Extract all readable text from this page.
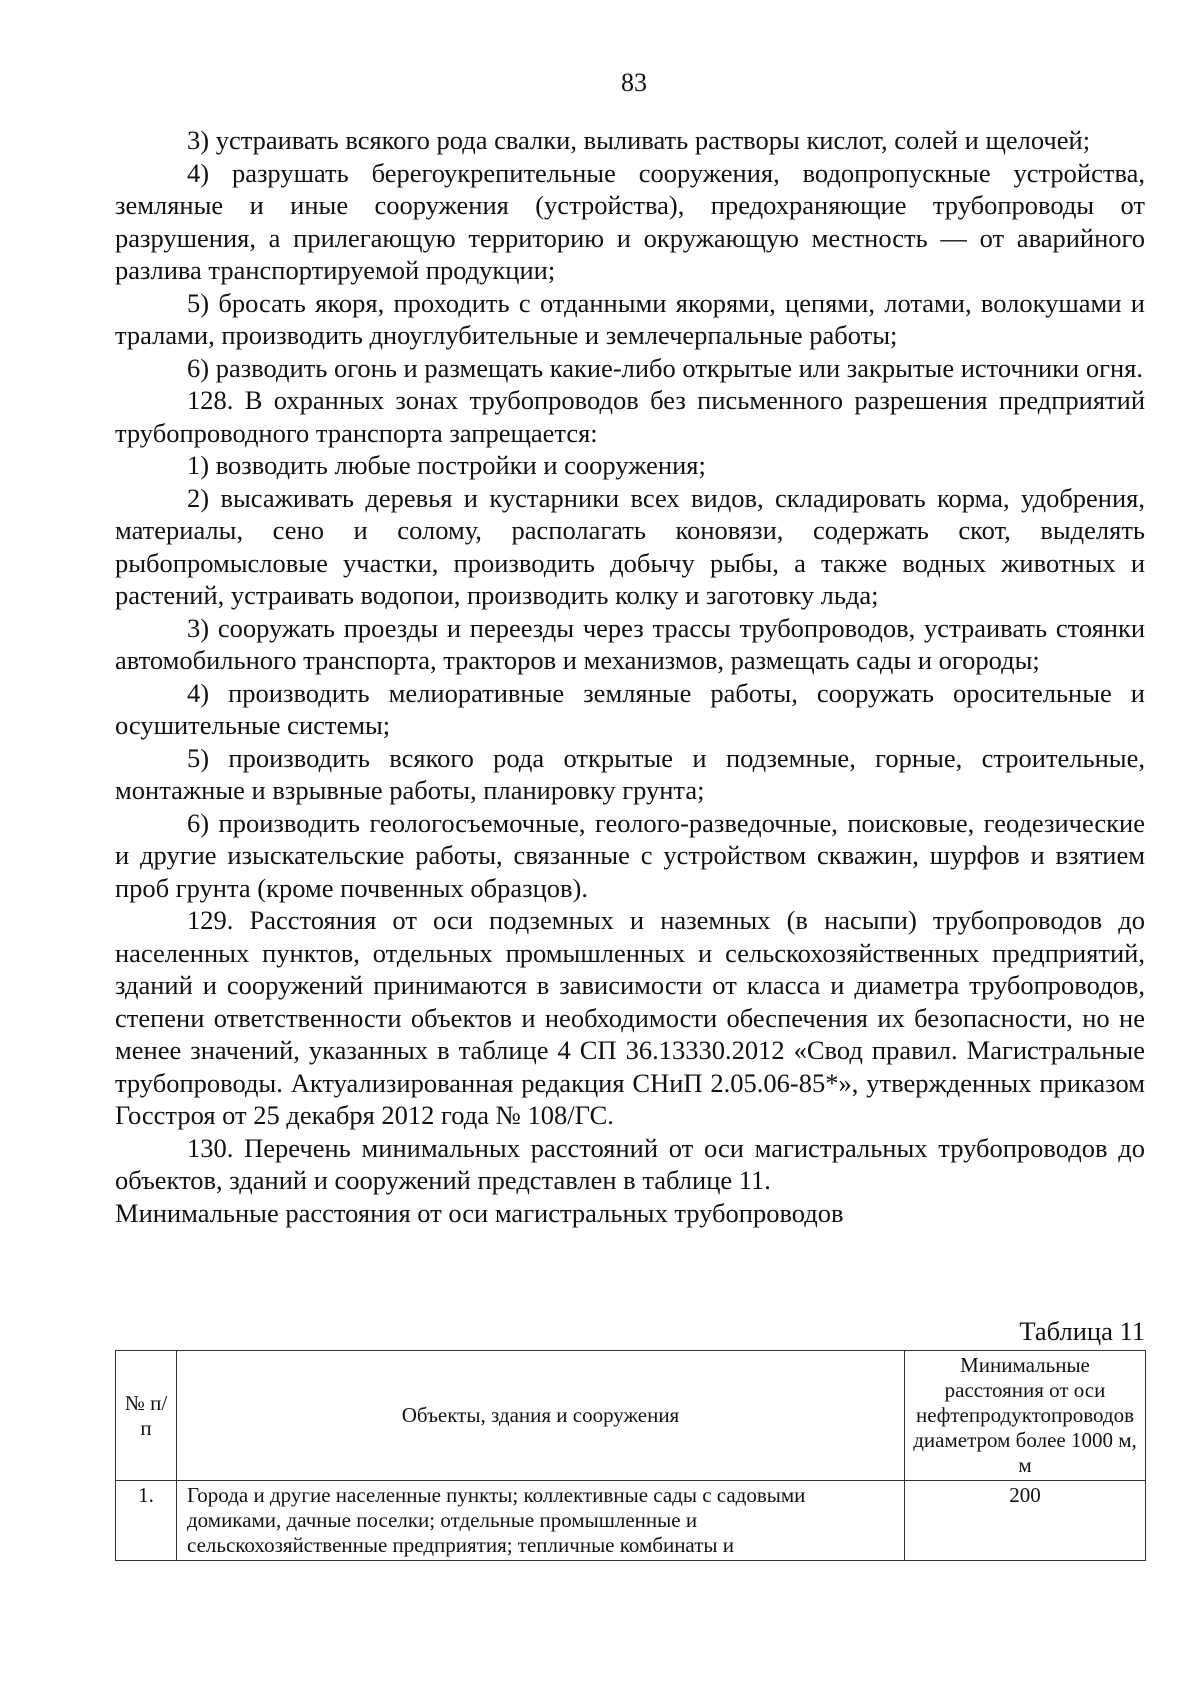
83

3) устраивать всякого рода свалки, выливать растворы кислот, солей и щелочей;

4) разрушать берегоукрепительные сооружения, водопропускные устройства, земляные и иные сооружения (устройства), предохраняющие трубопроводы от разрушения, а прилегающую территорию и окружающую местность — от аварийного разлива транспортируемой продукции;

5) бросать якоря, проходить с отданными якорями, цепями, лотами, волокушами и тралами, производить дноуглубительные и землечерпальные работы;

6) разводить огонь и размещать какие-либо открытые или закрытые источники огня.

128. В охранных зонах трубопроводов без письменного разрешения предприятий трубопроводного транспорта запрещается:

1) возводить любые постройки и сооружения;

2) высаживать деревья и кустарники всех видов, складировать корма, удобрения, материалы, сено и солому, располагать коновязи, содержать скот, выделять рыбопромысловые участки, производить добычу рыбы, а также водных животных и растений, устраивать водопои, производить колку и заготовку льда;

3) сооружать проезды и переезды через трассы трубопроводов, устраивать стоянки автомобильного транспорта, тракторов и механизмов, размещать сады и огороды;

4) производить мелиоративные земляные работы, сооружать оросительные и осушительные системы;

5) производить всякого рода открытые и подземные, горные, строительные, монтажные и взрывные работы, планировку грунта;

6) производить геологосъемочные, геолого-разведочные, поисковые, геодезические и другие изыскательские работы, связанные с устройством скважин, шурфов и взятием проб грунта (кроме почвенных образцов).

129. Расстояния от оси подземных и наземных (в насыпи) трубопроводов до населенных пунктов, отдельных промышленных и сельскохозяйственных предприятий, зданий и сооружений принимаются в зависимости от класса и диаметра трубопроводов, степени ответственности объектов и необходимости обеспечения их безопасности, но не менее значений, указанных в таблице 4 СП 36.13330.2012 «Свод правил. Магистральные трубопроводы. Актуализированная редакция СНиП 2.05.06-85*», утвержденных приказом Госстроя от 25 декабря 2012 года № 108/ГС.

130. Перечень минимальных расстояний от оси магистральных трубопроводов до объектов, зданий и сооружений представлен в таблице 11.

Минимальные расстояния от оси магистральных трубопроводов

Таблица 11
№ п/п	Объекты, здания и сооружения	Минимальные расстояния от оси нефтепродуктопроводов диаметром более 1000 м, м
1.	Города и другие населенные пункты; коллективные сады с садовыми домиками, дачные поселки; отдельные промышленные и сельскохозяйственные предприятия; тепличные комбинаты и	200
